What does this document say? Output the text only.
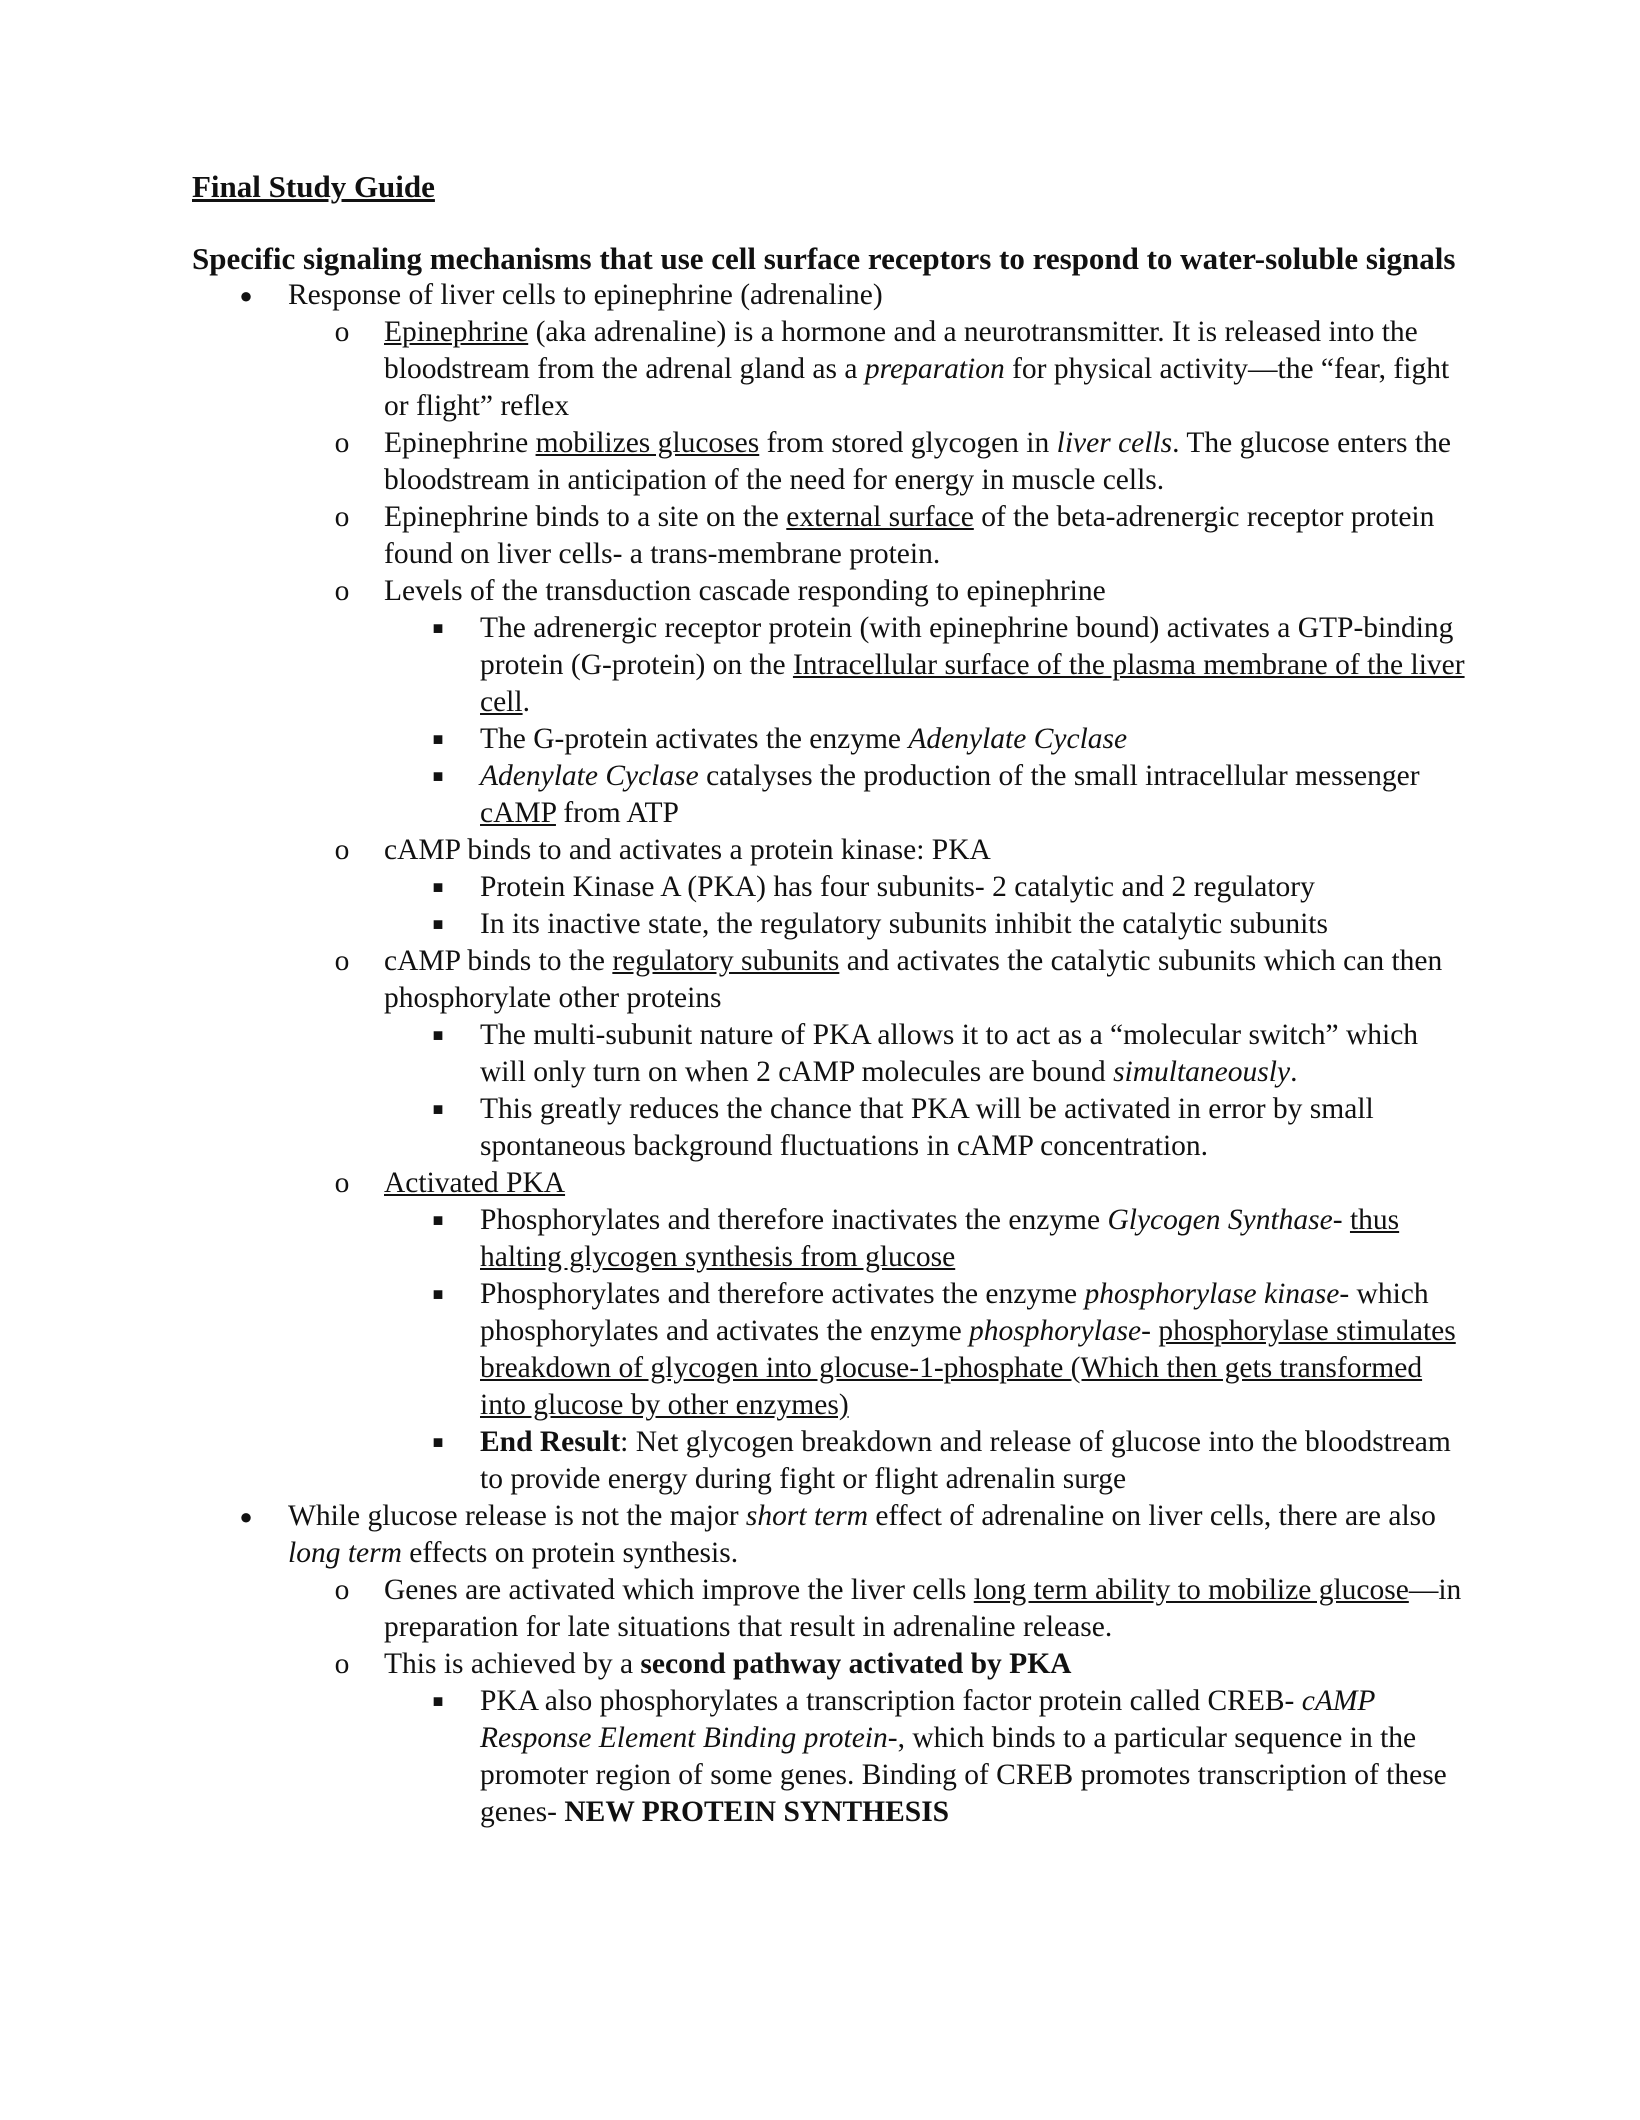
Final Study Guide
Specific signaling mechanisms that use cell surface receptors to respond to water-soluble signals
●	Response of liver cells to epinephrine (adrenaline)
o	Epinephrine (aka adrenaline) is a hormone and a neurotransmitter. It is released into the bloodstream from the adrenal gland as a preparation for physical activity—the “fear, fight or flight” reflex
o	Epinephrine mobilizes glucoses from stored glycogen in liver cells. The glucose enters the bloodstream in anticipation of the need for energy in muscle cells.
o	Epinephrine binds to a site on the external surface of the beta-adrenergic receptor protein found on liver cells- a trans-membrane protein.
o	Levels of the transduction cascade responding to epinephrine
■	The adrenergic receptor protein (with epinephrine bound) activates a GTP-binding protein (G-protein) on the Intracellular surface of the plasma membrane of the liver cell.
■	The G-protein activates the enzyme Adenylate Cyclase
■	Adenylate Cyclase catalyses the production of the small intracellular messenger cAMP from ATP
o	cAMP binds to and activates a protein kinase: PKA
■	Protein Kinase A (PKA) has four subunits- 2 catalytic and 2 regulatory
■	In its inactive state, the regulatory subunits inhibit the catalytic subunits
o	cAMP binds to the regulatory subunits and activates the catalytic subunits which can then phosphorylate other proteins
■	The multi-subunit nature of PKA allows it to act as a “molecular switch” which will only turn on when 2 cAMP molecules are bound simultaneously.
■	This greatly reduces the chance that PKA will be activated in error by small spontaneous background fluctuations in cAMP concentration.
o	Activated PKA
■	Phosphorylates and therefore inactivates the enzyme Glycogen Synthase- thus halting glycogen synthesis from glucose
■	Phosphorylates and therefore activates the enzyme phosphorylase kinase- which phosphorylates and activates the enzyme phosphorylase- phosphorylase stimulates breakdown of glycogen into glocuse-1-phosphate (Which then gets transformed into glucose by other enzymes)
■	End Result: Net glycogen breakdown and release of glucose into the bloodstream to provide energy during fight or flight adrenalin surge
●	While glucose release is not the major short term effect of adrenaline on liver cells, there are also long term effects on protein synthesis.
o	Genes are activated which improve the liver cells long term ability to mobilize glucose—in preparation for late situations that result in adrenaline release.
o	This is achieved by a second pathway activated by PKA
■	PKA also phosphorylates a transcription factor protein called CREB- cAMP Response Element Binding protein-, which binds to a particular sequence in the promoter region of some genes. Binding of CREB promotes transcription of these genes- NEW PROTEIN SYNTHESIS
